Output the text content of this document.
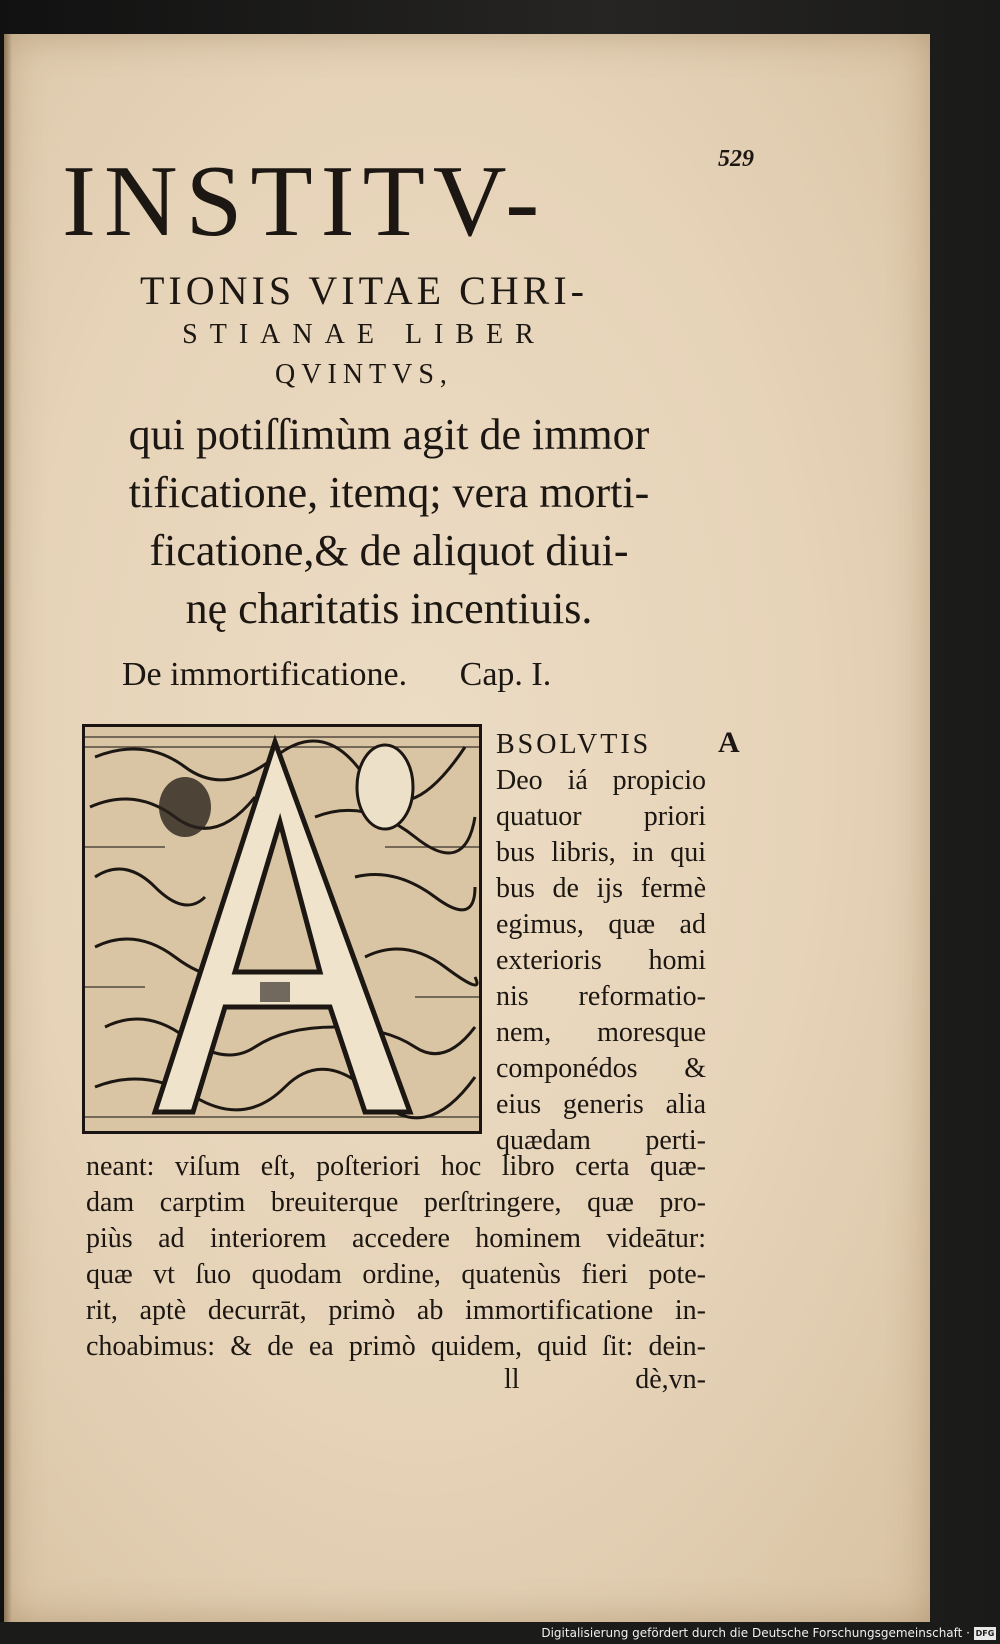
529
INSTITV-
TIONIS VITAE CHRI-
STIANAE LIBER
QVINTVS,
qui potiſſimùm agit de immor
tificatione, itemq; vera morti-
ficatione,& de aliquot diui-
nę charitatis incentiuis.
De immortificatione. Cap. I.
A
BSOLVTIS
Deo iá propicio
quatuor priori
bus libris, in qui
bus de ijs fermè
egimus, quæ ad
exterioris homi
nis reformatio-
nem, moresque
componédos &
eius generis alia
quædam perti-
neant: viſum eſt, poſteriori hoc libro certa quæ-
dam carptim breuiterque perſtringere, quæ pro-
piùs ad interiorem accedere hominem videātur:
quæ vt ſuo quodam ordine, quatenùs fieri pote-
rit, aptè decurrāt, primò ab immortificatione in-
choabimus: & de ea primò quidem, quid ſit: dein-
ll	dè,vn-
Digitalisierung gefördert durch die Deutsche Forschungsgemeinschaft · DFG
